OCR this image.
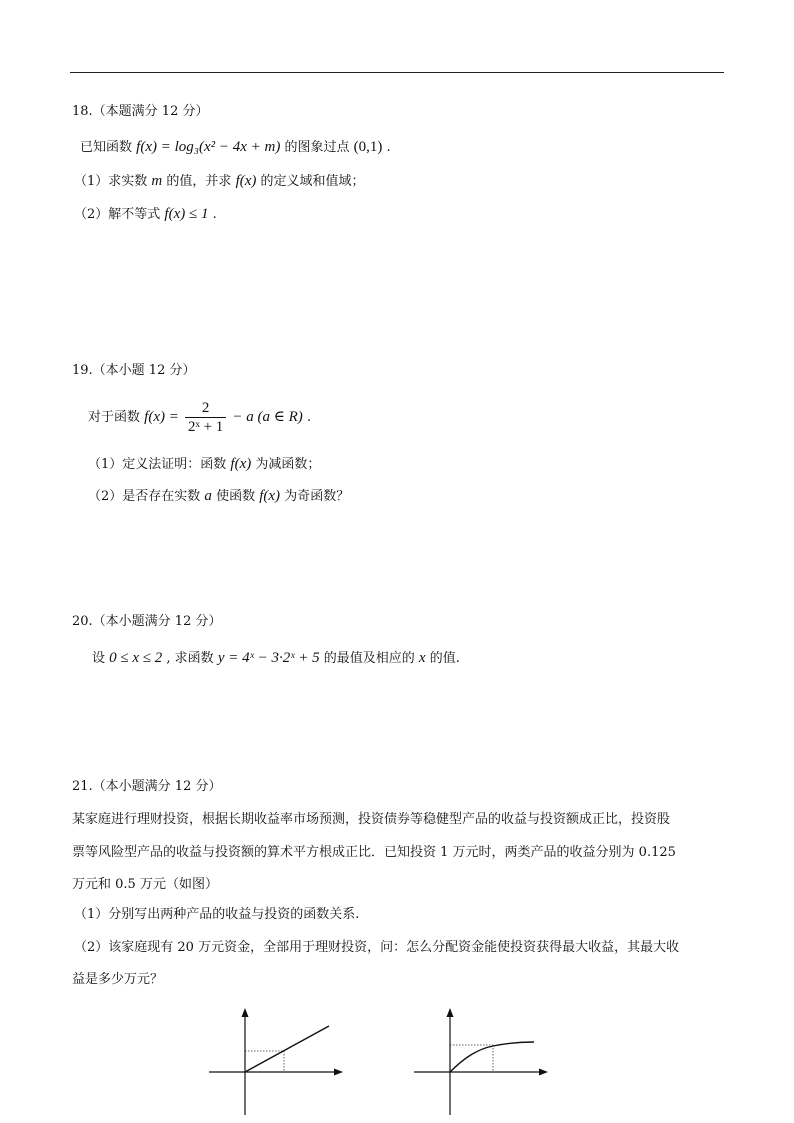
18.（本题满分 12 分）
已知函数 f(x) = log₃(x² − 4x + m) 的图象过点 (0,1) .
（1）求实数 m 的值，并求 f(x) 的定义域和值域；
（2）解不等式 f(x) ≤ 1 .
19.（本小题 12 分）
对于函数 $f(x) = \frac{2}{\text{2ˣ + 1}} - a$ (a ∈ R) .
（1）定义法证明：函数 f(x) 为减函数；
（2）是否存在实数 a 使函数 f(x) 为奇函数？
20.（本小题满分 12 分）
设 0 ≤ x ≤ 2 , 求函数 y = 4ˣ − 3·2ˣ + 5 的最值及相应的 x 的值.
21.（本小题满分 12 分）
某家庭进行理财投资，根据长期收益率市场预测，投资债券等稳健型产品的收益与投资额成正比，投资股
票等风险型产品的收益与投资额的算术平方根成正比．已知投资 1 万元时，两类产品的收益分别为 0.125
万元和 0.5 万元（如图）
（1）分别写出两种产品的收益与投资的函数关系.
（2）该家庭现有 20 万元资金，全部用于理财投资，问：怎么分配资金能使投资获得最大收益，其最大收
益是多少万元？
